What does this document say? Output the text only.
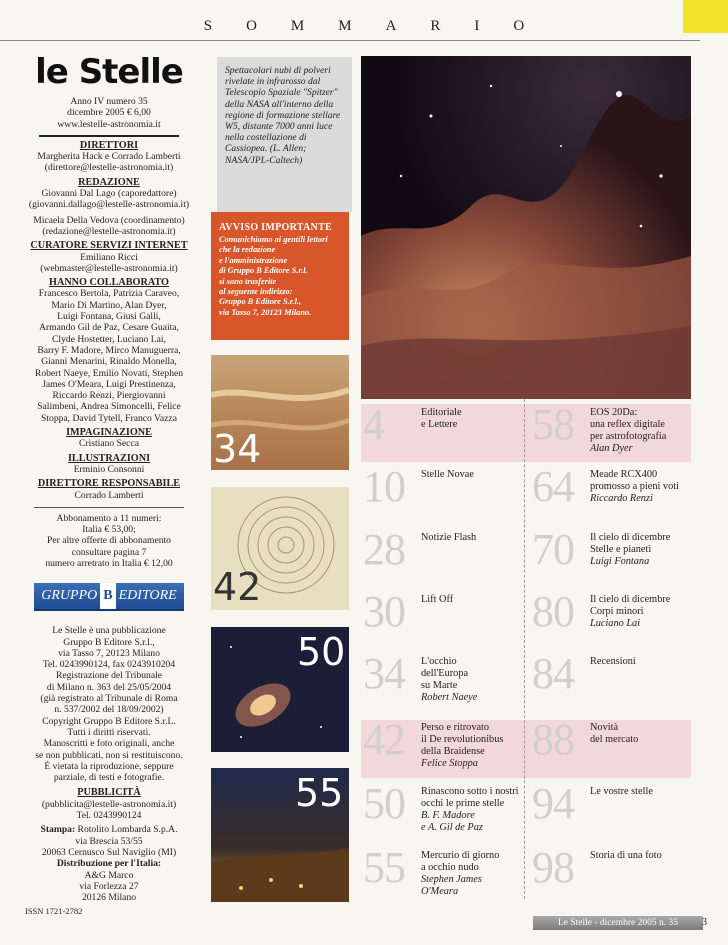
SOMMARIO
le Stelle
Anno IV numero 35
dicembre 2005 € 6,00
www.lestelle-astronomia.it
DIRETTORI
Margherita Hack e Corrado Lamberti
(direttore@lestelle-astronomia.it)
REDAZIONE
Giovanni Dal Lago (caporedattore)
(giovanni.dallago@lestelle-astronomia.it)

Micaela Della Vedova (coordinamento)
(redazione@lestelle-astronomia.it)
CURATORE SERVIZI INTERNET
Emiliano Ricci
(webmaster@lestelle-astronomia.it)
HANNO COLLABORATO
Francesco Bertola, Patrizia Caraveo,
Mario Di Martino, Alan Dyer,
Luigi Fontana, Giusi Galli,
Armando Gil de Paz, Cesare Guaita,
Clyde Hostetter, Luciano Lai,
Barry F. Madore, Mirco Manuguerra,
Gianni Menarini, Rinaldo Monella,
Robert Naeye, Emilio Novati, Stephen
James O'Meara, Luigi Prestinenza,
Riccardo Renzi, Piergiovanni
Salimbeni, Andrea Simoncelli, Felice
Stoppa, David Tytell, Franco Vazza
IMPAGINAZIONE
Cristiano Secca
ILLUSTRAZIONI
Erminio Consonni
DIRETTORE RESPONSABILE
Corrado Lamberti
Abbonamento a 11 numeri:
Italia € 53,00;
Per altre offerte di abbonamento
consultare pagina 7
numero arretrato in Italia € 12,00
GRUPPO B EDITORE
Le Stelle è una pubblicazione
Gruppo B Editore S.r.l.,
via Tasso 7, 20123 Milano
Tel. 0243990124, fax 0243910204
Registrazione del Tribunale
di Milano n. 363 del 25/05/2004
(già registrato al Tribunale di Roma
n. 537/2002 del 18/09/2002)
Copyright Gruppo B Editore S.r.L.
Tutti i diritti riservati.
Manoscritti e foto originali, anche
se non pubblicati, non si restituiscono.
È vietata la riproduzione, seppure
parziale, di testi e fotografie.
PUBBLICITÀ
(pubblicita@lestelle-astronomia.it)
Tel. 0243990124
Stampa: Rotolito Lombarda S.p.A.
via Brescia 53/55
20063 Cernusco Sul Naviglio (MI)
Distribuzione per l'Italia:
A&G Marco
via Forlezza 27
20126 Milano
ISSN 1721-2782
Spettacolari nubi di polveri rivelate in infrarosso dal Telescopio Spaziale "Spitzer" della NASA all'interno della regione di formazione stellare W5, distante 7000 anni luce nella costellazione di Cassiopea. (L. Allen; NASA/JPL-Caltech)
AVVISO IMPORTANTE
Comunichiamo ai gentili lettori che la redazione
e l'amministrazione
di Gruppo B Editore S.r.l.
si sono trasferite
al seguente indirizzo:
Gruppo B Editore S.r.l.,
via Tasso 7, 20123 Milano.
34
42
50
55
4	Editoriale
e Lettere
10 Stelle Novae
28 Notizie Flash
30 Lift Off
34 L'occhio
dell'Europa
su Marte
Robert Naeye
42 Perso e ritrovato
il De revolutionibus
della Braidense
Felice Stoppa
50 Rinascono sotto i nostri
occhi le prime stelle
B. F. Madore
e A. Gil de Paz
55 Mercurio di giorno
a occhio nudo
Stephen James
O'Meara
58 EOS 20Da:
una reflex digitale
per astrofotografia
Alan Dyer
64 Meade RCX400
promosso a pieni voti
Riccardo Renzi
70 Il cielo di dicembre
Stelle e pianeti
Luigi Fontana
80 Il cielo di dicembre
Corpi minori
Luciano Lai
84 Recensioni
88 Novità
del mercato
94 Le vostre stelle
98 Storia di una foto
Le Stelle - dicembre 2005 n. 35	3
